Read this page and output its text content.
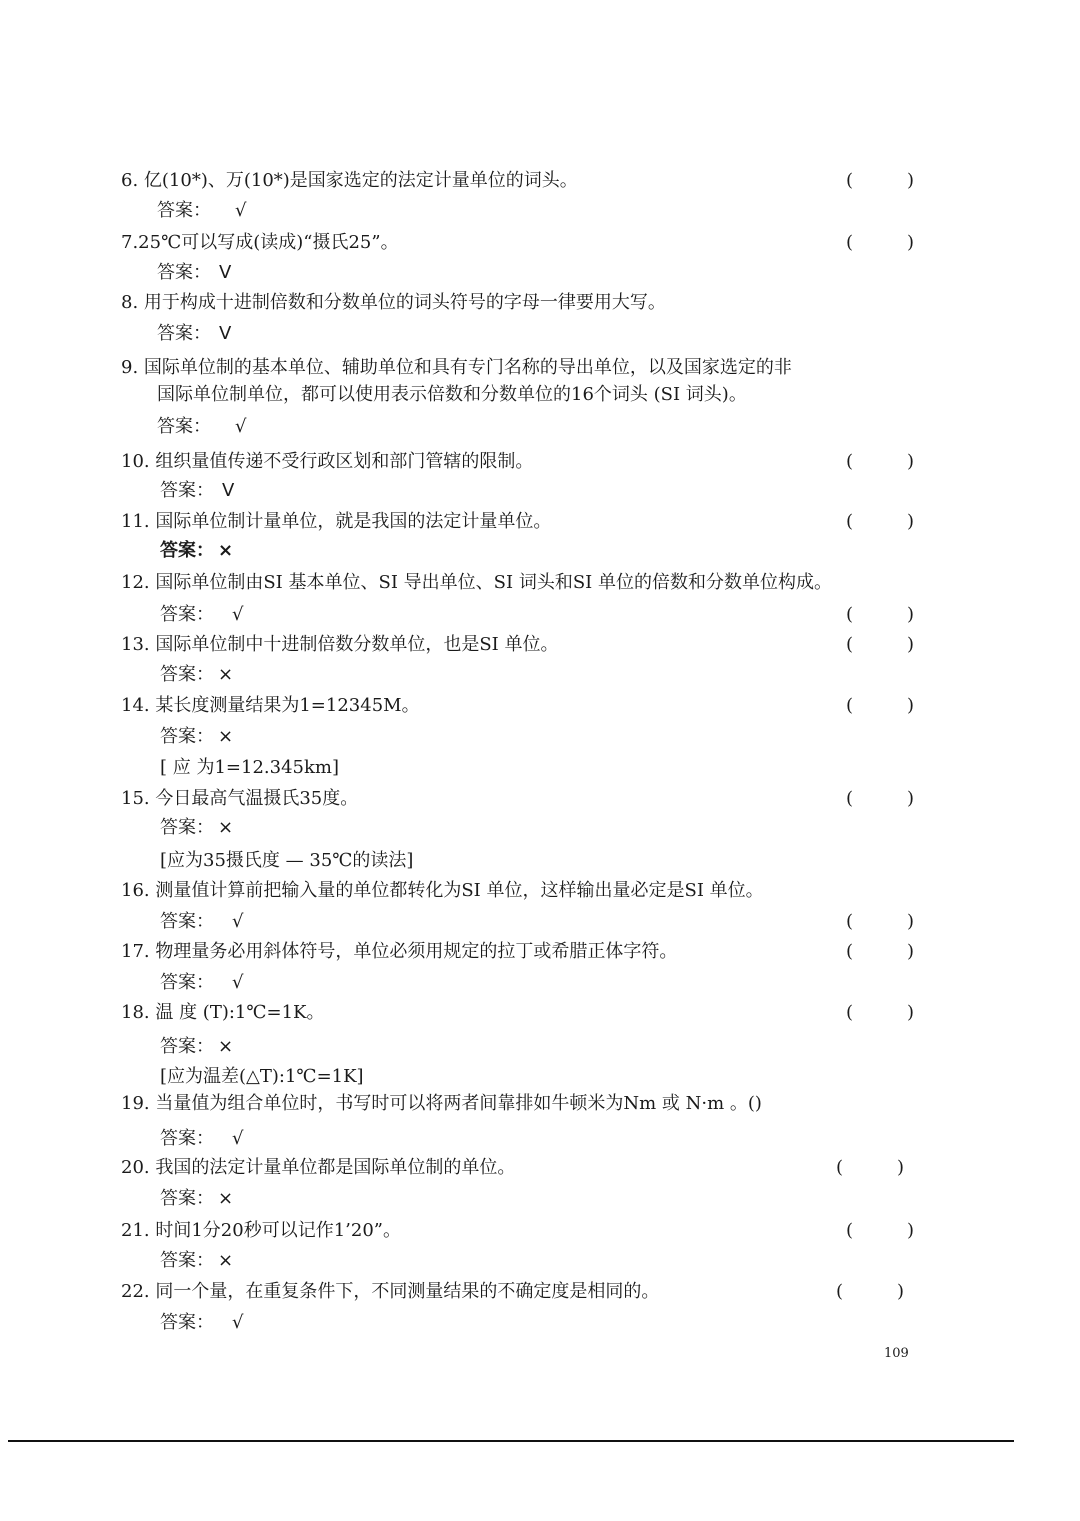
6. 亿(10*)、万(10*)是国家选定的法定计量单位的词头。	(　　)
答案： √
7.25℃可以写成(读成)“摄氏25”。	(　　)
答案： V
8. 用于构成十进制倍数和分数单位的词头符号的字母一律要用大写。
答案： V
9. 国际单位制的基本单位、辅助单位和具有专门名称的导出单位，以及国家选定的非
国际单位制单位，都可以使用表示倍数和分数单位的16个词头 (SI 词头)。
答案： √
10. 组织量值传递不受行政区划和部门管辖的限制。	(　　)
答案： V
11. 国际单位制计量单位，就是我国的法定计量单位。	(　　)
答案： ×
12. 国际单位制由SI 基本单位、SI 导出单位、SI 词头和SI 单位的倍数和分数单位构成。
答案： √	(　　)
13. 国际单位制中十进制倍数分数单位，也是SI 单位。	(　　)
答案： ×
14. 某长度测量结果为1=12345M。	(　　)
答案： ×
[ 应 为1=12.345km]
15. 今日最高气温摄氏35度。	(　　)
答案： ×
[应为35摄氏度 — 35℃的读法]
16. 测量值计算前把输入量的单位都转化为SI 单位，这样输出量必定是SI 单位。
答案： √	(　　)
17. 物理量务必用斜体符号，单位必须用规定的拉丁或希腊正体字符。	(　　)
答案： √
18. 温 度 (T):1℃=1K。	(　　)
答案： ×
[应为温差(△T):1℃=1K]
19. 当量值为组合单位时，书写时可以将两者间靠排如牛顿米为Nm 或 N·m 。()
答案： √
20. 我国的法定计量单位都是国际单位制的单位。	(　　)
答案： ×
21. 时间1分20秒可以记作1’20”。	(　　)
答案： ×
22. 同一个量，在重复条件下，不同测量结果的不确定度是相同的。	(　　)
答案： √
109
